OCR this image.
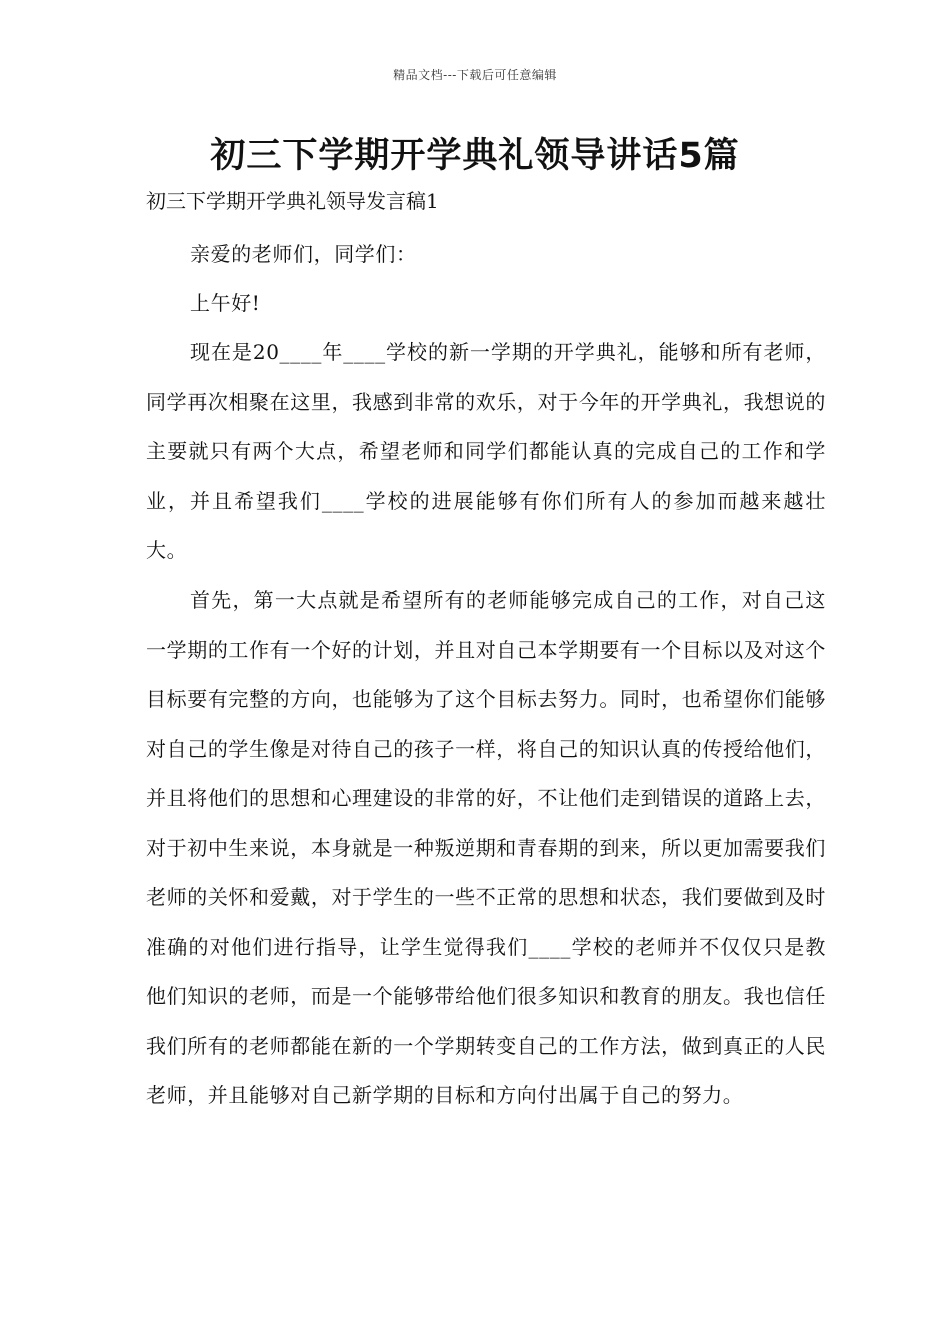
精品文档---下载后可任意编辑
初三下学期开学典礼领导讲话5篇
初三下学期开学典礼领导发言稿1

亲爱的老师们，同学们：

上午好!

现在是20____年____学校的新一学期的开学典礼，能够和所有老师，同学再次相聚在这里，我感到非常的欢乐，对于今年的开学典礼，我想说的主要就只有两个大点，希望老师和同学们都能认真的完成自己的工作和学业，并且希望我们____学校的进展能够有你们所有人的参加而越来越壮大。

首先，第一大点就是希望所有的老师能够完成自己的工作，对自己这一学期的工作有一个好的计划，并且对自己本学期要有一个目标以及对这个目标要有完整的方向，也能够为了这个目标去努力。同时，也希望你们能够对自己的学生像是对待自己的孩子一样，将自己的知识认真的传授给他们，并且将他们的思想和心理建设的非常的好，不让他们走到错误的道路上去，对于初中生来说，本身就是一种叛逆期和青春期的到来，所以更加需要我们老师的关怀和爱戴，对于学生的一些不正常的思想和状态，我们要做到及时准确的对他们进行指导，让学生觉得我们____学校的老师并不仅仅只是教他们知识的老师，而是一个能够带给他们很多知识和教育的朋友。我也信任我们所有的老师都能在新的一个学期转变自己的工作方法，做到真正的人民老师，并且能够对自己新学期的目标和方向付出属于自己的努力。
